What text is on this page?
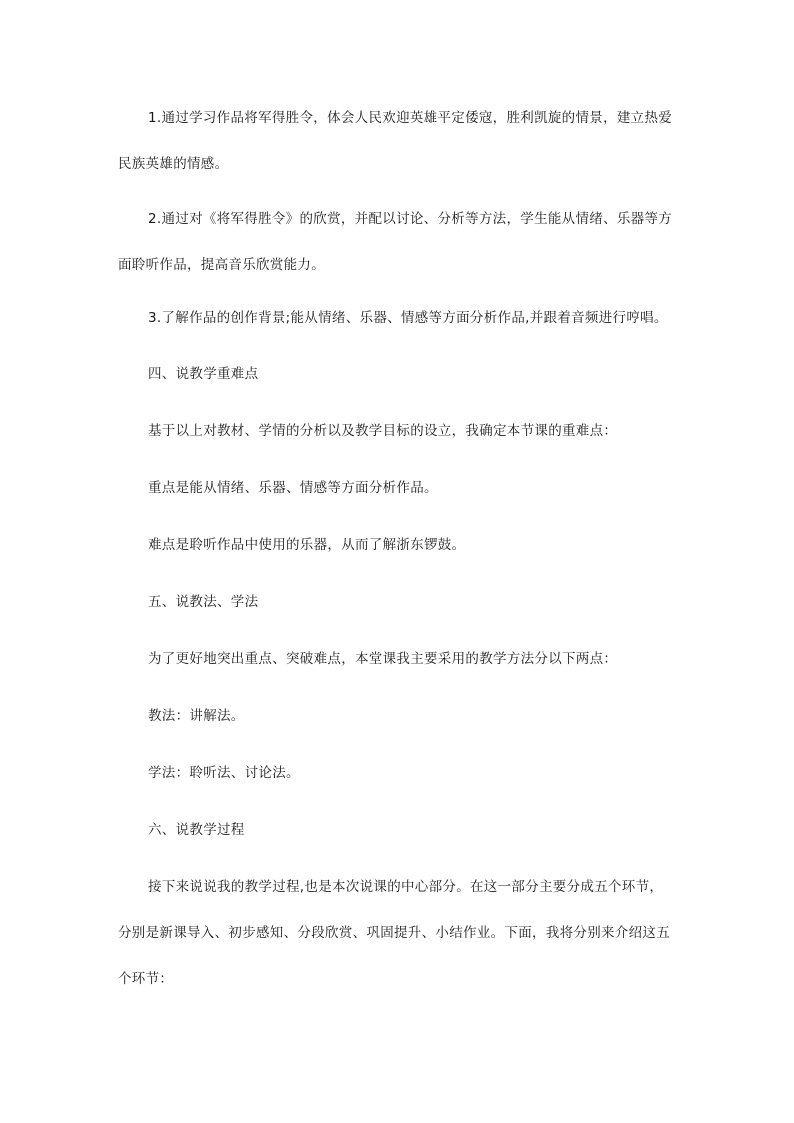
1.通过学习作品将军得胜令，体会人民欢迎英雄平定倭寇，胜利凯旋的情景，建立热爱民族英雄的情感。

2.通过对《将军得胜令》的欣赏，并配以讨论、分析等方法，学生能从情绪、乐器等方面聆听作品，提高音乐欣赏能力。

3.了解作品的创作背景;能从情绪、乐器、情感等方面分析作品,并跟着音频进行哼唱。

四、说教学重难点

基于以上对教材、学情的分析以及教学目标的设立，我确定本节课的重难点：

重点是能从情绪、乐器、情感等方面分析作品。

难点是聆听作品中使用的乐器，从而了解浙东锣鼓。

五、说教法、学法

为了更好地突出重点、突破难点，本堂课我主要采用的教学方法分以下两点：

教法：讲解法。

学法：聆听法、讨论法。

六、说教学过程

接下来说说我的教学过程,也是本次说课的中心部分。在这一部分主要分成五个环节，分别是新课导入、初步感知、分段欣赏、巩固提升、小结作业。下面，我将分别来介绍这五个环节：
